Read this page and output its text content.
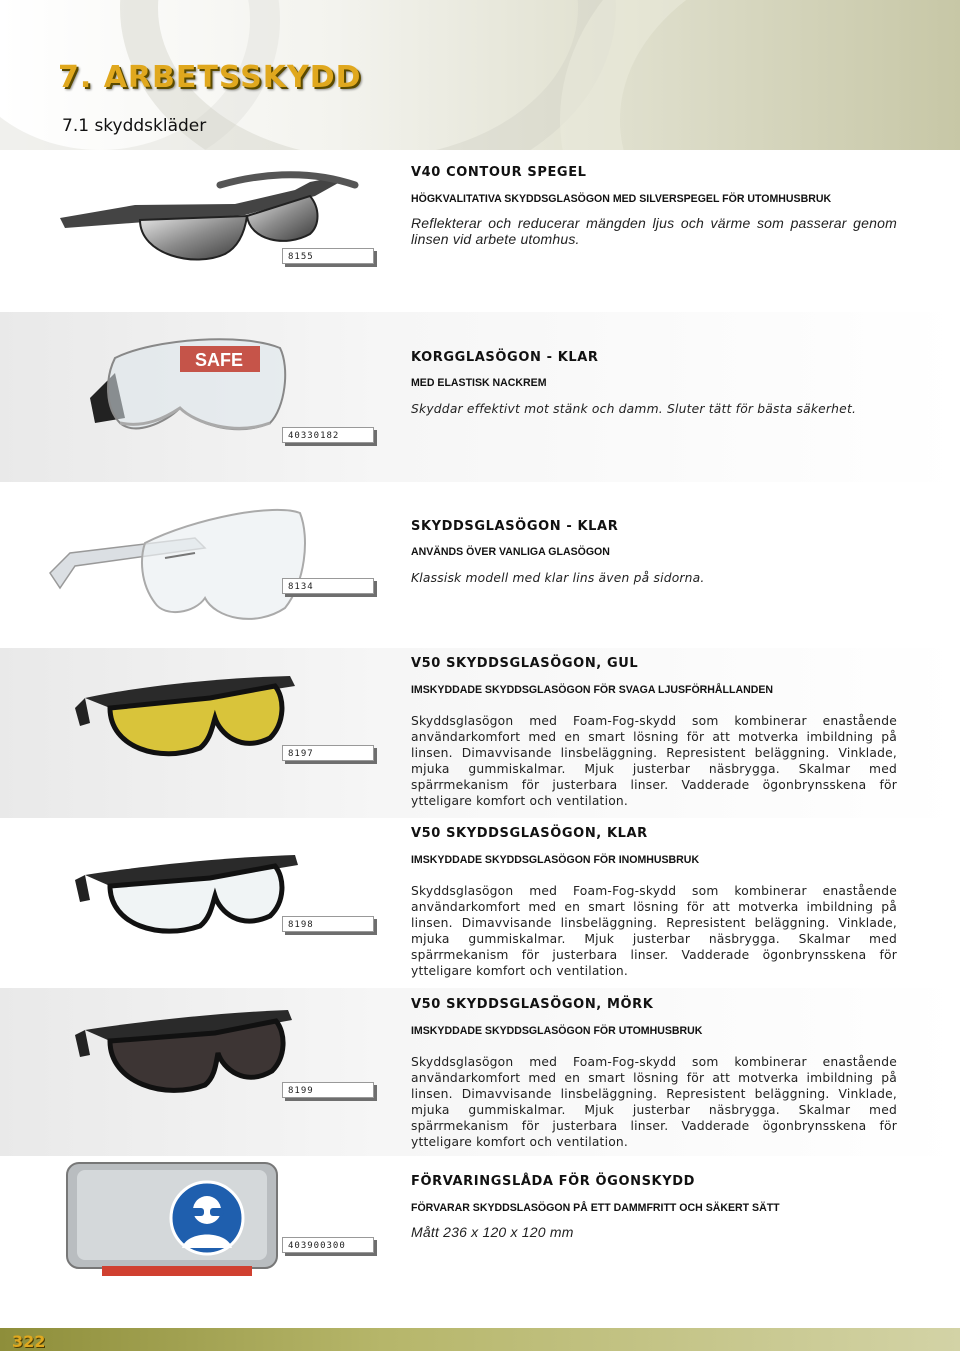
7. ARBETSSKYDD
7.1 skyddskläder
8155
V40 CONTOUR SPEGEL
HÖGKVALITATIVA SKYDDSGLASÖGON MED SILVERSPEGEL FÖR UTOMHUSBRUK
Reflekterar och reducerar mängden ljus och värme som passerar genom linsen vid arbete utomhus.
SAFE
40330182
KORGGLASÖGON - KLAR
MED ELASTISK NACKREM
Skyddar effektivt mot stänk och damm. Sluter tätt för bästa säkerhet.
8134
SKYDDSGLASÖGON - KLAR
ANVÄNDS ÖVER VANLIGA GLASÖGON
Klassisk modell med klar lins även på sidorna.
8197
V50 SKYDDSGLASÖGON, GUL
IMSKYDDADE SKYDDSGLASÖGON FÖR SVAGA LJUSFÖRHÅLLANDEN
Skyddsglasögon med Foam-Fog-skydd som kombinerar enastående användarkomfort med en smart lösning för att motverka imbildning på linsen. Dimavvisande linsbeläggning. Represistent beläggning. Vinklade, mjuka gummiskalmar. Mjuk justerbar näsbrygga. Skalmar med spärrmekanism för justerbara linser. Vadderade ögonbrynsskena för ytteligare komfort och ventilation.
8198
V50 SKYDDSGLASÖGON, KLAR
IMSKYDDADE SKYDDSGLASÖGON FÖR INOMHUSBRUK
Skyddsglasögon med Foam-Fog-skydd som kombinerar enastående användarkomfort med en smart lösning för att motverka imbildning på linsen. Dimavvisande linsbeläggning. Represistent beläggning. Vinklade, mjuka gummiskalmar. Mjuk justerbar näsbrygga. Skalmar med spärrmekanism för justerbara linser. Vadderade ögonbrynsskena för ytteligare komfort och ventilation.
8199
V50 SKYDDSGLASÖGON, MÖRK
IMSKYDDADE SKYDDSGLASÖGON FÖR UTOMHUSBRUK
Skyddsglasögon med Foam-Fog-skydd som kombinerar enastående användarkomfort med en smart lösning för att motverka imbildning på linsen. Dimavvisande linsbeläggning. Represistent beläggning. Vinklade, mjuka gummiskalmar. Mjuk justerbar näsbrygga. Skalmar med spärrmekanism för justerbara linser. Vadderade ögonbrynsskena för ytteligare komfort och ventilation.
403900300
FÖRVARINGSLÅDA FÖR ÖGONSKYDD
FÖRVARAR SKYDDSLASÖGON PÅ ETT DAMMFRITT OCH SÄKERT SÄTT
Mått 236 x 120 x 120 mm
322
